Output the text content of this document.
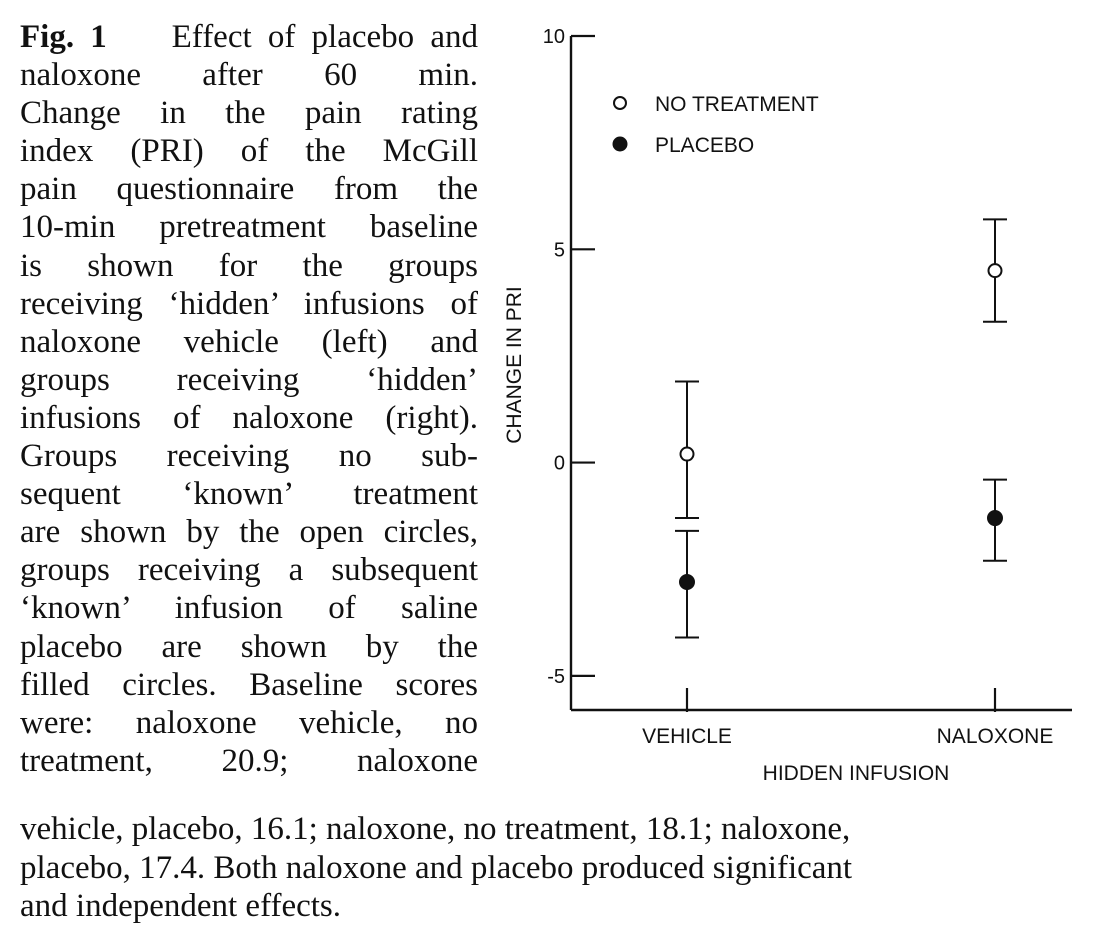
Fig. 1 Effect of placebo and
naloxone after 60 min.
Change in the pain rating
index (PRI) of the McGill
pain questionnaire from the
10-min pretreatment baseline
is shown for the groups
receiving ‘hidden’ infusions of
naloxone vehicle (left) and
groups receiving ‘hidden’
infusions of naloxone (right).
Groups receiving no sub-
sequent ‘known’ treatment
are shown by the open circles,
groups receiving a subsequent
‘known’ infusion of saline
placebo are shown by the
filled circles. Baseline scores
were: naloxone vehicle, no
treatment, 20.9; naloxone
vehicle, placebo, 16.1; naloxone, no treatment, 18.1; naloxone,
placebo, 17.4. Both naloxone and placebo produced significant
and independent effects.
10
5
0
-5
VEHICLE	NALOXONE
HIDDEN INFUSION
CHANGE IN PRI
NO TREATMENT
PLACEBO
